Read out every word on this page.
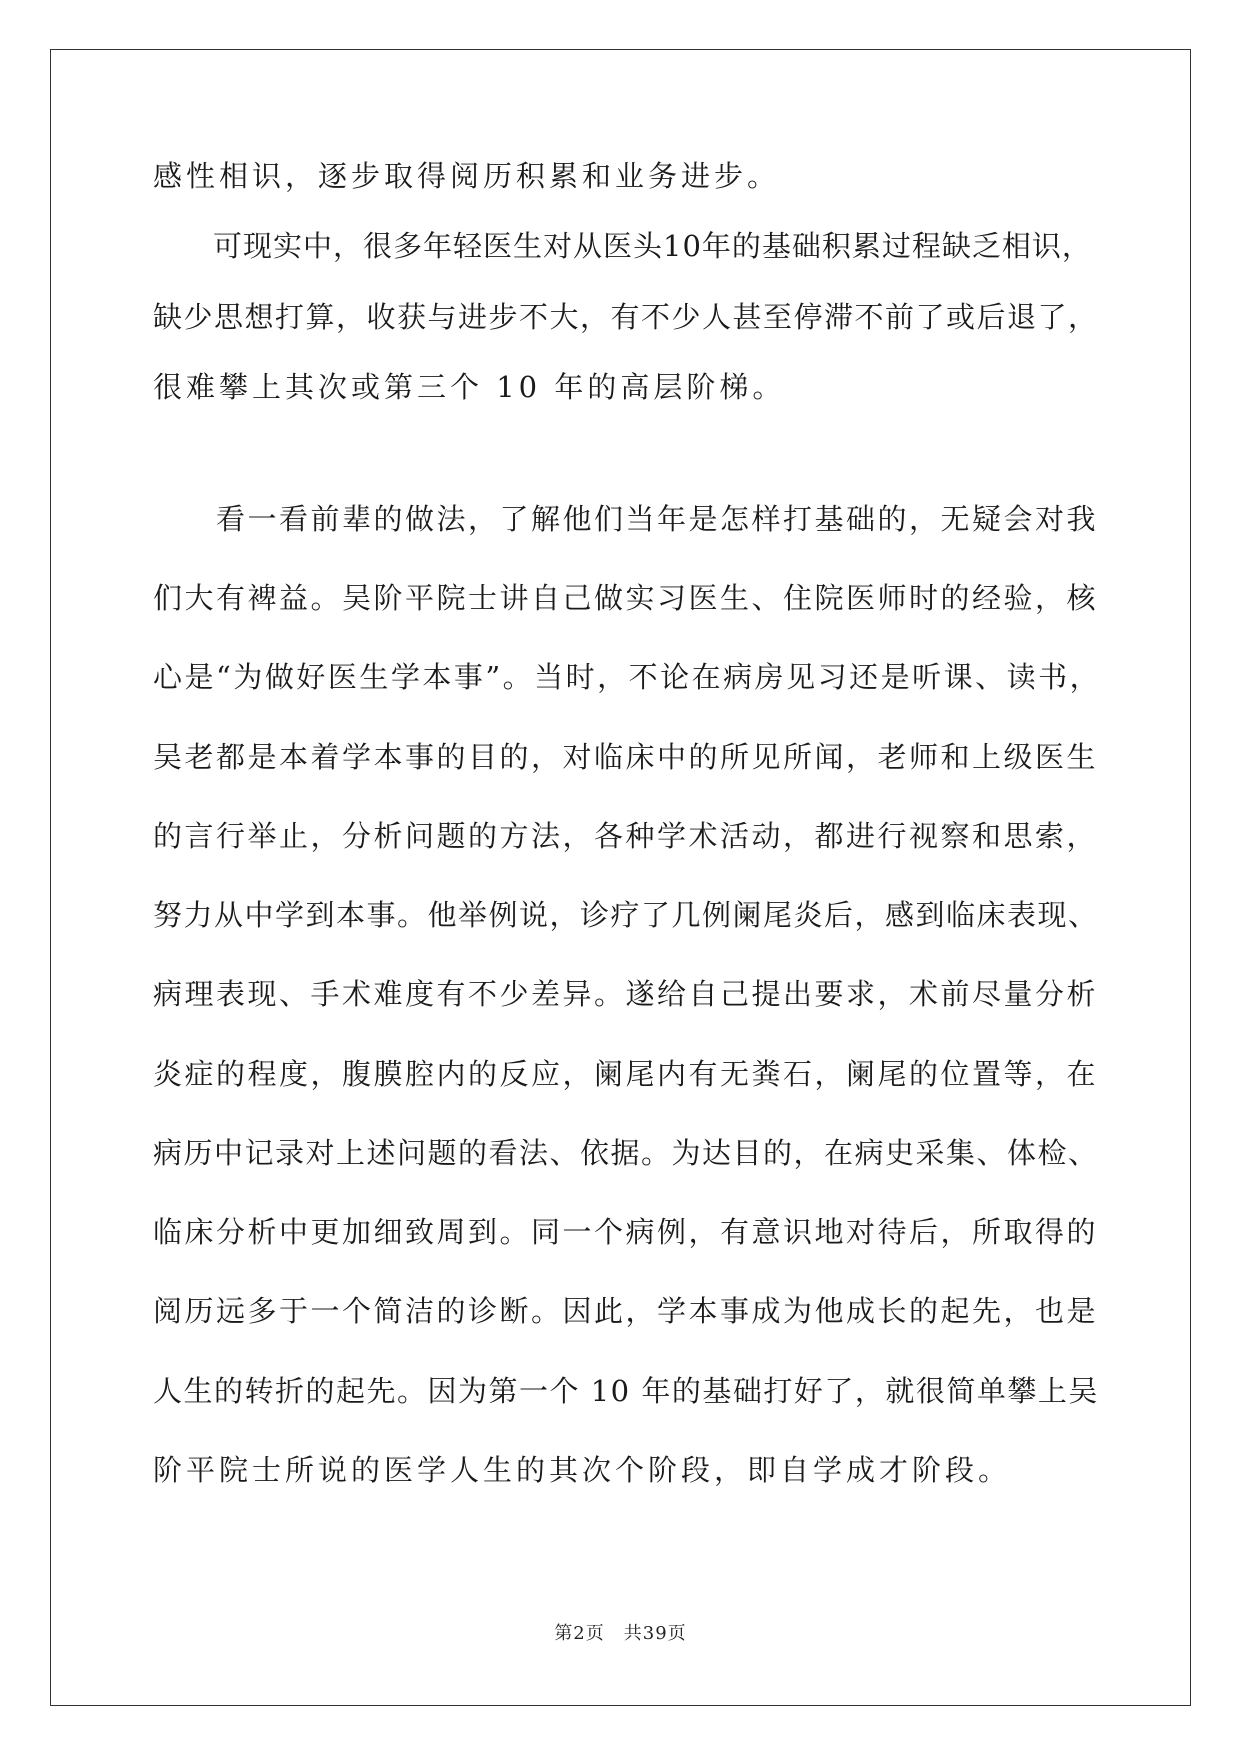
感性相识，逐步取得阅历积累和业务进步。
　　可现实中，很多年轻医生对从医头10年的基础积累过程缺乏相识，
缺少思想打算，收获与进步不大，有不少人甚至停滞不前了或后退了，
很难攀上其次或第三个 10 年的高层阶梯。
　　看一看前辈的做法，了解他们当年是怎样打基础的，无疑会对我
们大有裨益。吴阶平院士讲自己做实习医生、住院医师时的经验，核
心是“为做好医生学本事”。当时，不论在病房见习还是听课、读书，
吴老都是本着学本事的目的，对临床中的所见所闻，老师和上级医生
的言行举止，分析问题的方法，各种学术活动，都进行视察和思索，
努力从中学到本事。他举例说，诊疗了几例阑尾炎后，感到临床表现、
病理表现、手术难度有不少差异。遂给自己提出要求，术前尽量分析
炎症的程度，腹膜腔内的反应，阑尾内有无粪石，阑尾的位置等，在
病历中记录对上述问题的看法、依据。为达目的，在病史采集、体检、
临床分析中更加细致周到。同一个病例，有意识地对待后，所取得的
阅历远多于一个简洁的诊断。因此，学本事成为他成长的起先，也是
人生的转折的起先。因为第一个 10 年的基础打好了，就很简单攀上吴
阶平院士所说的医学人生的其次个阶段，即自学成才阶段。
第2页　共39页
